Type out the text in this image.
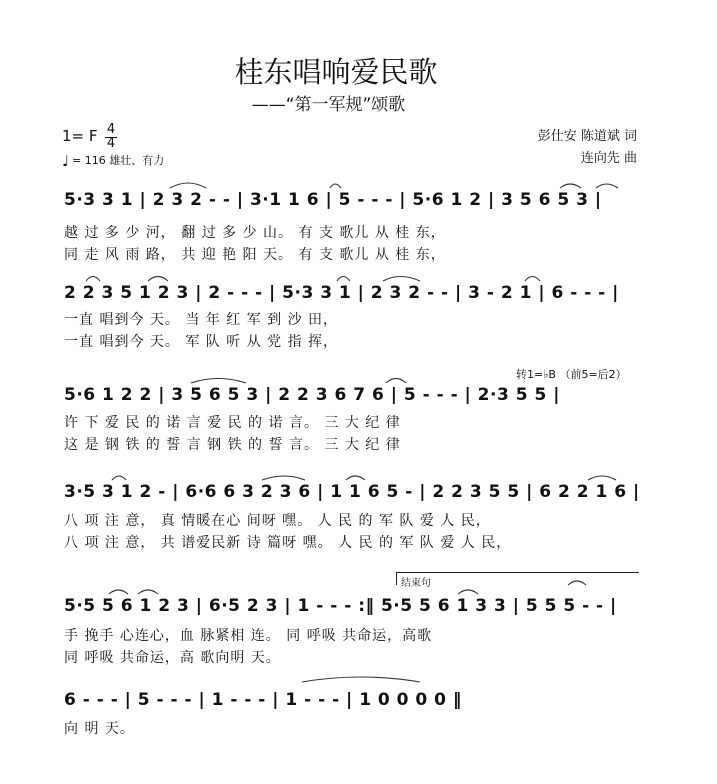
桂东唱响爱民歌
——“第一军规”颂歌
1= F 4
4
♩ = 116 雄壮、有力
彭仕安 陈道斌 词
连向先 曲
5·3 3 1 | 2 3 2 - - | 3·1 1 6 | 5 - - - | 5·6 1 2 | 3 5 6 5 3 |
越 过 多 少 河， 翻 过 多 少 山。 有 支 歌儿 从 桂 东，
同 走 风 雨 路， 共 迎 艳 阳 天。 有 支 歌儿 从 桂 东，
2 2 3 5 1 2 3 | 2 - - - | 5·3 3 1 | 2 3 2 - - | 3 - 2 1 | 6 - - - |
一直 唱到今 天。 当 年 红 军 到 沙 田，
一直 唱到今 天。 军 队 听 从 党 指 挥，
转1=♭B （前5=后2）
5·6 1 2 2 | 3 5 6 5 3 | 2 2 3 6 7 6 | 5 - - - | 2·3 5 5 |
许 下 爱 民 的 诺 言 爱 民 的 诺 言。 三 大 纪 律
这 是 钢 铁 的 誓 言 钢 铁 的 誓 言。 三 大 纪 律
3·5 3 1 2 - | 6·6 6 3 2 3 6 | 1 1 6 5 - | 2 2 3 5 5 | 6 2 2 1 6 |
八 项 注 意， 真 情暖在心 间呀 嘿。 人 民 的 军 队 爱 人 民，
八 项 注 意， 共 谱爱民新 诗 篇呀 嘿。 人 民 的 军 队 爱 人 民，
结束句
5·5 5 6 1 2 3 | 6·5 2 3 | 1 - - - :‖ 5·5 5 6 1 3 3 | 5 5 5 - - |
手 挽手 心连心，血 脉紧相 连。 同 呼吸 共命运，高歌
同 呼吸 共命运，高 歌向明 天。
6 - - - | 5 - - - | 1 - - - | 1 - - - | 1 0 0 0 0 ‖
向 明 天。
